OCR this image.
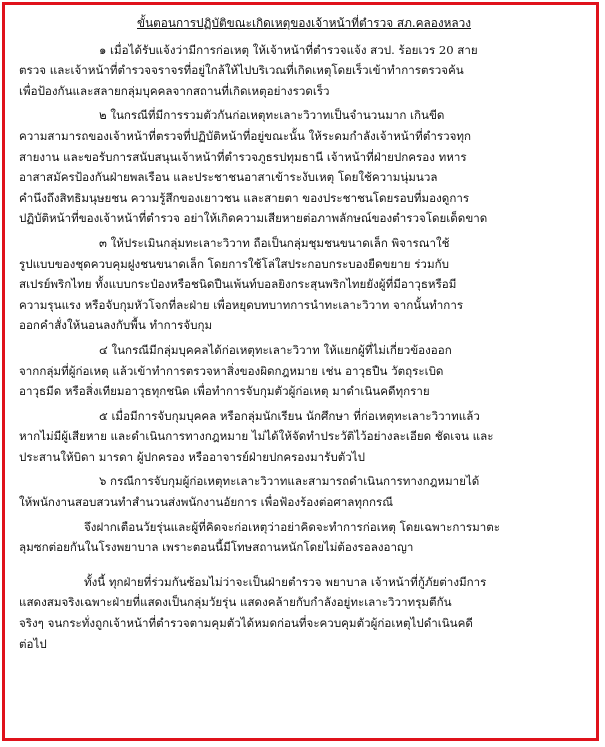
ขั้นตอนการปฏิบัติขณะเกิดเหตุของเจ้าหน้าที่ตำรวจ สภ.คลองหลวง
๑ เมื่อได้รับแจ้งว่ามีการก่อเหตุ ให้เจ้าหน้าที่ตำรวจแจ้ง สวป. ร้อยเวร 20 สาย
ตรวจ และเจ้าหน้าที่ตำรวจจราจรที่อยู่ใกล้ให้ไปบริเวณที่เกิดเหตุโดยเร็วเข้าทำการตรวจค้น
เพื่อป้องกันและสลายกลุ่มบุคคลจากสถานที่เกิดเหตุอย่างรวดเร็ว
๒ ในกรณีที่มีการรวมตัวกันก่อเหตุทะเลาะวิวาทเป็นจำนวนมาก เกินขีด
ความสามารถของเจ้าหน้าที่ตรวจที่ปฏิบัติหน้าที่อยู่ขณะนั้น ให้ระดมกำลังเจ้าหน้าที่ตำรวจทุก
สายงาน และขอรับการสนับสนุนเจ้าหน้าที่ตำรวจภูธรปทุมธานี เจ้าหน้าที่ฝ่ายปกครอง ทหาร
อาสาสมัครป้องกันฝ่ายพลเรือน และประชาชนอาสาเข้าระงับเหตุ โดยใช้ความนุ่มนวล
คำนึงถึงสิทธิมนุษยชน ความรู้สึกของเยาวชน และสายตา ของประชาชนโดยรอบที่มองดูการ
ปฏิบัติหน้าที่ของเจ้าหน้าที่ตำรวจ อย่าให้เกิดความเสียหายต่อภาพลักษณ์ของตำรวจโดยเด็ดขาด
๓ ให้ประเมินกลุ่มทะเลาะวิวาท ถือเป็นกลุ่มชุมชนขนาดเล็ก พิจารณาใช้
รูปแบบของชุดควบคุมฝูงชนขนาดเล็ก โดยการใช้โล่ใสประกอบกระบองยืดขยาย ร่วมกับ
สเปรย์พริกไทย ทั้งแบบกระป๋องหรือชนิดปืนเพ้นท์บอลยิงกระสุนพริกไทยยังผู้ที่มีอาวุธหรือมี
ความรุนแรง หรือจับกุมหัวโจกที่ละฝ่าย เพื่อหยุดบทบาทการนำทะเลาะวิวาท จากนั้นทำการ
ออกคำสั่งให้นอนลงกับพื้น ทำการจับกุม
๔ ในกรณีมีกลุ่มบุคคลได้ก่อเหตุทะเลาะวิวาท ให้แยกผู้ที่ไม่เกี่ยวข้องออก
จากกลุ่มที่ผู้ก่อเหตุ แล้วเข้าทำการตรวจหาสิ่งของผิดกฎหมาย เช่น อาวุธปืน วัตถุระเบิด
อาวุธมีด หรือสิ่งเทียมอาวุธทุกชนิด เพื่อทำการจับกุมตัวผู้ก่อเหตุ มาดำเนินคดีทุกราย
๕ เมื่อมีการจับกุมบุคคล หรือกลุ่มนักเรียน นักศึกษา ที่ก่อเหตุทะเลาะวิวาทแล้ว
หากไม่มีผู้เสียหาย และดำเนินการทางกฎหมาย ไม่ได้ให้จัดทำประวัติไว้อย่างละเอียด ชัดเจน และ
ประสานให้บิดา มารดา ผู้ปกครอง หรืออาจารย์ฝ่ายปกครองมารับตัวไป
๖ กรณีการจับกุมผู้ก่อเหตุทะเลาะวิวาทและสามารถดำเนินการทางกฎหมายได้
ให้พนักงานสอบสวนทำสำนวนส่งพนักงานอัยการ เพื่อฟ้องร้องต่อศาลทุกกรณี
จึงฝากเตือนวัยรุ่นและผู้ที่คิดจะก่อเหตุว่าอย่าคิดจะทำการก่อเหตุ โดยเฉพาะการมาตะ
ลุมซกต่อยกันในโรงพยาบาล เพราะตอนนี้มีโทษสถานหนักโดยไม่ต้องรอลงอาญา
ทั้งนี้ ทุกฝ่ายที่ร่วมกันซ้อมไม่ว่าจะเป็นฝ่ายตำรวจ พยาบาล เจ้าหน้าที่กู้ภัยต่างมีการ
แสดงสมจริงเฉพาะฝ่ายที่แสดงเป็นกลุ่มวัยรุ่น แสดงคล้ายกับกำลังอยู่ทะเลาะวิวาทรุมตีกัน
จริงๆ จนกระทั่งถูกเจ้าหน้าที่ตำรวจตามคุมตัวได้หมดก่อนที่จะควบคุมตัวผู้ก่อเหตุไปดำเนินคดี
ต่อไป
